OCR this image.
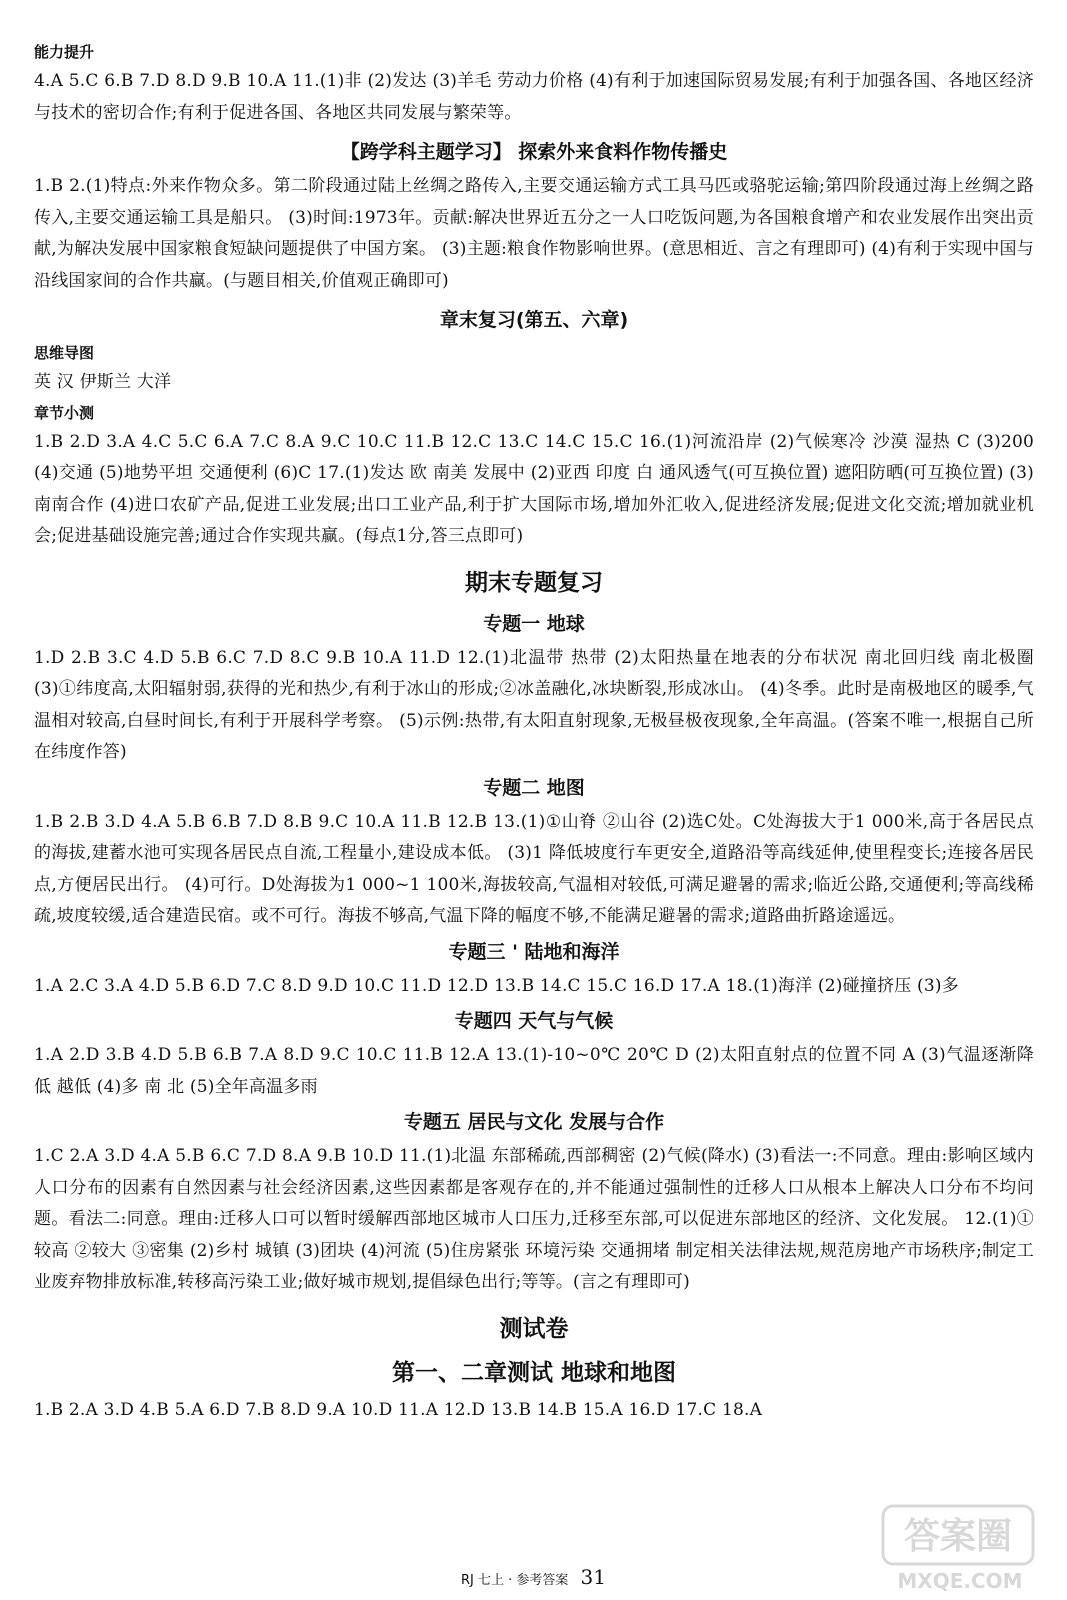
能力提升

4.A 5.C 6.B 7.D 8.D 9.B 10.A 11.(1)非 (2)发达 (3)羊毛 劳动力价格 (4)有利于加速国际贸易发展;有利于加强各国、各地区经济与技术的密切合作;有利于促进各国、各地区共同发展与繁荣等。

【跨学科主题学习】 探索外来食料作物传播史

1.B 2.(1)特点:外来作物众多。第二阶段通过陆上丝绸之路传入,主要交通运输方式工具马匹或骆驼运输;第四阶段通过海上丝绸之路传入,主要交通运输工具是船只。 (3)时间:1973年。贡献:解决世界近五分之一人口吃饭问题,为各国粮食增产和农业发展作出突出贡献,为解决发展中国家粮食短缺问题提供了中国方案。 (3)主题:粮食作物影响世界。(意思相近、言之有理即可) (4)有利于实现中国与沿线国家间的合作共赢。(与题目相关,价值观正确即可)

章末复习(第五、六章)

思维导图

英 汉 伊斯兰 大洋

章节小测

1.B 2.D 3.A 4.C 5.C 6.A 7.C 8.A 9.C 10.C 11.B 12.C 13.C 14.C 15.C 16.(1)河流沿岸 (2)气候寒冷 沙漠 湿热 C (3)200 (4)交通 (5)地势平坦 交通便利 (6)C 17.(1)发达 欧 南美 发展中 (2)亚西 印度 白 通风透气(可互换位置) 遮阳防晒(可互换位置) (3)南南合作 (4)进口农矿产品,促进工业发展;出口工业产品,利于扩大国际市场,增加外汇收入,促进经济发展;促进文化交流;增加就业机会;促进基础设施完善;通过合作实现共赢。(每点1分,答三点即可)

期末专题复习

专题一 地球

1.D 2.B 3.C 4.D 5.B 6.C 7.D 8.C 9.B 10.A 11.D 12.(1)北温带 热带 (2)太阳热量在地表的分布状况 南北回归线 南北极圈 (3)①纬度高,太阳辐射弱,获得的光和热少,有利于冰山的形成;②冰盖融化,冰块断裂,形成冰山。 (4)冬季。此时是南极地区的暖季,气温相对较高,白昼时间长,有利于开展科学考察。 (5)示例:热带,有太阳直射现象,无极昼极夜现象,全年高温。(答案不唯一,根据自己所在纬度作答)

专题二 地图

1.B 2.B 3.D 4.A 5.B 6.B 7.D 8.B 9.C 10.A 11.B 12.B 13.(1)①山脊 ②山谷 (2)选C处。C处海拔大于1 000米,高于各居民点的海拔,建蓄水池可实现各居民点自流,工程量小,建设成本低。 (3)1 降低坡度行车更安全,道路沿等高线延伸,使里程变长;连接各居民点,方便居民出行。 (4)可行。D处海拔为1 000~1 100米,海拔较高,气温相对较低,可满足避暑的需求;临近公路,交通便利;等高线稀疏,坡度较缓,适合建造民宿。或不可行。海拔不够高,气温下降的幅度不够,不能满足避暑的需求;道路曲折路途遥远。

专题三 ' 陆地和海洋

1.A 2.C 3.A 4.D 5.B 6.D 7.C 8.D 9.D 10.C 11.D 12.D 13.B 14.C 15.C 16.D 17.A 18.(1)海洋 (2)碰撞挤压 (3)多

专题四 天气与气候

1.A 2.D 3.B 4.D 5.B 6.B 7.A 8.D 9.C 10.C 11.B 12.A 13.(1)-10~0℃ 20℃ D (2)太阳直射点的位置不同 A (3)气温逐渐降低 越低 (4)多 南 北 (5)全年高温多雨

专题五 居民与文化 发展与合作

1.C 2.A 3.D 4.A 5.B 6.C 7.D 8.A 9.B 10.D 11.(1)北温 东部稀疏,西部稠密 (2)气候(降水) (3)看法一:不同意。理由:影响区域内人口分布的因素有自然因素与社会经济因素,这些因素都是客观存在的,并不能通过强制性的迁移人口从根本上解决人口分布不均问题。看法二:同意。理由:迁移人口可以暂时缓解西部地区城市人口压力,迁移至东部,可以促进东部地区的经济、文化发展。 12.(1)①较高 ②较大 ③密集 (2)乡村 城镇 (3)团块 (4)河流 (5)住房紧张 环境污染 交通拥堵 制定相关法律法规,规范房地产市场秩序;制定工业废弃物排放标准,转移高污染工业;做好城市规划,提倡绿色出行;等等。(言之有理即可)

测试卷

第一、二章测试 地球和地图

1.B 2.A 3.D 4.B 5.A 6.D 7.B 8.D 9.A 10.D 11.A 12.D 13.B 14.B 15.A 16.D 17.C 18.A

RJ 七上 · 参考答案 31
答案圈
MXQE.COM
